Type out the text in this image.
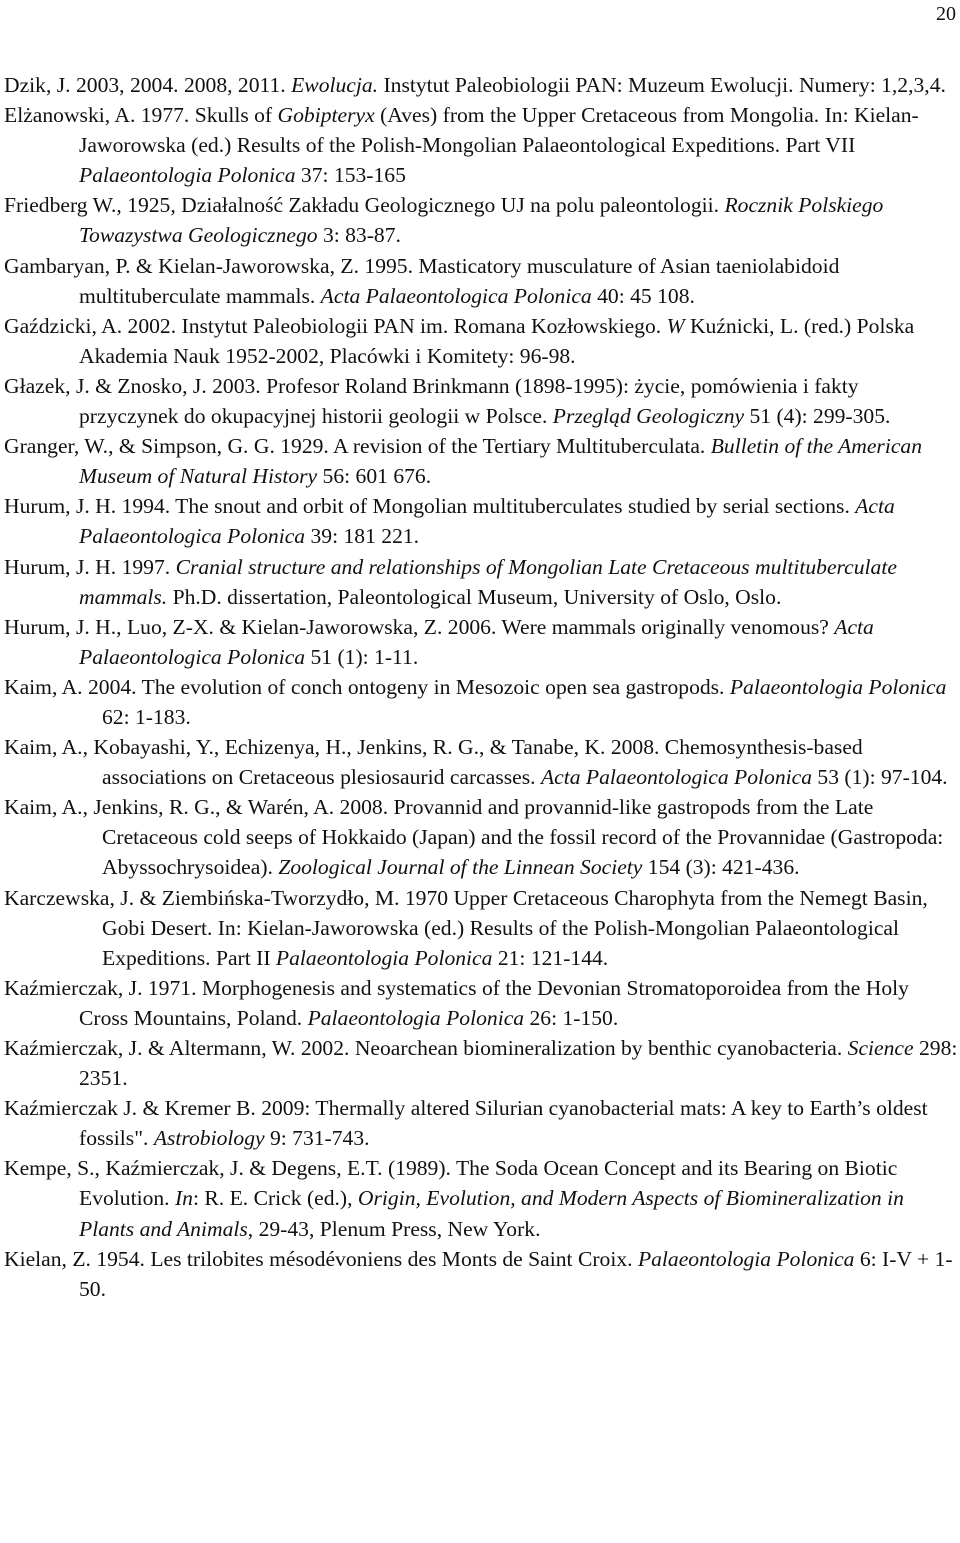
20
Dzik, J. 2003, 2004. 2008, 2011. Ewolucja. Instytut Paleobiologii PAN: Muzeum Ewolucji. Numery: 1,2,3,4.
Elżanowski, A. 1977. Skulls of Gobipteryx (Aves) from the Upper Cretaceous from Mongolia. In: Kielan-Jaworowska (ed.) Results of the Polish-Mongolian Palaeontological Expeditions. Part VII Palaeontologia Polonica 37: 153-165
Friedberg W., 1925, Działalność Zakładu Geologicznego UJ na polu paleontologii. Rocznik Polskiego Towazystwa Geologicznego 3: 83-87.
Gambaryan, P. & Kielan-Jaworowska, Z. 1995. Masticatory musculature of Asian taeniolabidoid multituberculate mammals. Acta Palaeontologica Polonica 40: 45 108.
Gaździcki, A. 2002. Instytut Paleobiologii PAN im. Romana Kozłowskiego. W Kuźnicki, L. (red.) Polska Akademia Nauk 1952-2002, Placówki i Komitety: 96-98.
Głazek, J. & Znosko, J. 2003. Profesor Roland Brinkmann (1898-1995): życie, pomówienia i fakty przyczynek do okupacyjnej historii geologii w Polsce. Przegląd Geologiczny 51 (4): 299-305.
Granger, W., & Simpson, G. G. 1929. A revision of the Tertiary Multituberculata. Bulletin of the American Museum of Natural History 56: 601 676.
Hurum, J. H. 1994. The snout and orbit of Mongolian multituberculates studied by serial sections. Acta Palaeontologica Polonica 39: 181 221.
Hurum, J. H. 1997. Cranial structure and relationships of Mongolian Late Cretaceous multituberculate mammals. Ph.D. dissertation, Paleontological Museum, University of Oslo, Oslo.
Hurum, J. H., Luo, Z-X. & Kielan-Jaworowska, Z. 2006. Were mammals originally venomous? Acta Palaeontologica Polonica 51 (1): 1-11.
Kaim, A. 2004. The evolution of conch ontogeny in Mesozoic open sea gastropods. Palaeontologia Polonica 62: 1-183.
Kaim, A., Kobayashi, Y., Echizenya, H., Jenkins, R. G., & Tanabe, K. 2008. Chemosynthesis-based associations on Cretaceous plesiosaurid carcasses. Acta Palaeontologica Polonica 53 (1): 97-104.
Kaim, A., Jenkins, R. G., & Warén, A. 2008. Provannid and provannid-like gastropods from the Late Cretaceous cold seeps of Hokkaido (Japan) and the fossil record of the Provannidae (Gastropoda: Abyssochrysoidea). Zoological Journal of the Linnean Society 154 (3): 421-436.
Karczewska, J. & Ziembińska-Tworzydło, M. 1970 Upper Cretaceous Charophyta from the Nemegt Basin, Gobi Desert. In: Kielan-Jaworowska (ed.) Results of the Polish-Mongolian Palaeontological Expeditions. Part II Palaeontologia Polonica 21: 121-144.
Kaźmierczak, J. 1971. Morphogenesis and systematics of the Devonian Stromatoporoidea from the Holy Cross Mountains, Poland. Palaeontologia Polonica 26: 1-150.
Kaźmierczak, J. & Altermann, W. 2002. Neoarchean biomineralization by benthic cyanobacteria. Science 298: 2351.
Kaźmierczak J. & Kremer B. 2009: Thermally altered Silurian cyanobacterial mats: A key to Earth’s oldest fossils". Astrobiology 9: 731-743.
Kempe, S., Kaźmierczak, J. & Degens, E.T. (1989). The Soda Ocean Concept and its Bearing on Biotic Evolution. In: R. E. Crick (ed.), Origin, Evolution, and Modern Aspects of Biomineralization in Plants and Animals, 29-43, Plenum Press, New York.
Kielan, Z. 1954. Les trilobites mésodévoniens des Monts de Saint Croix. Palaeontologia Polonica 6: I-V + 1-50.
